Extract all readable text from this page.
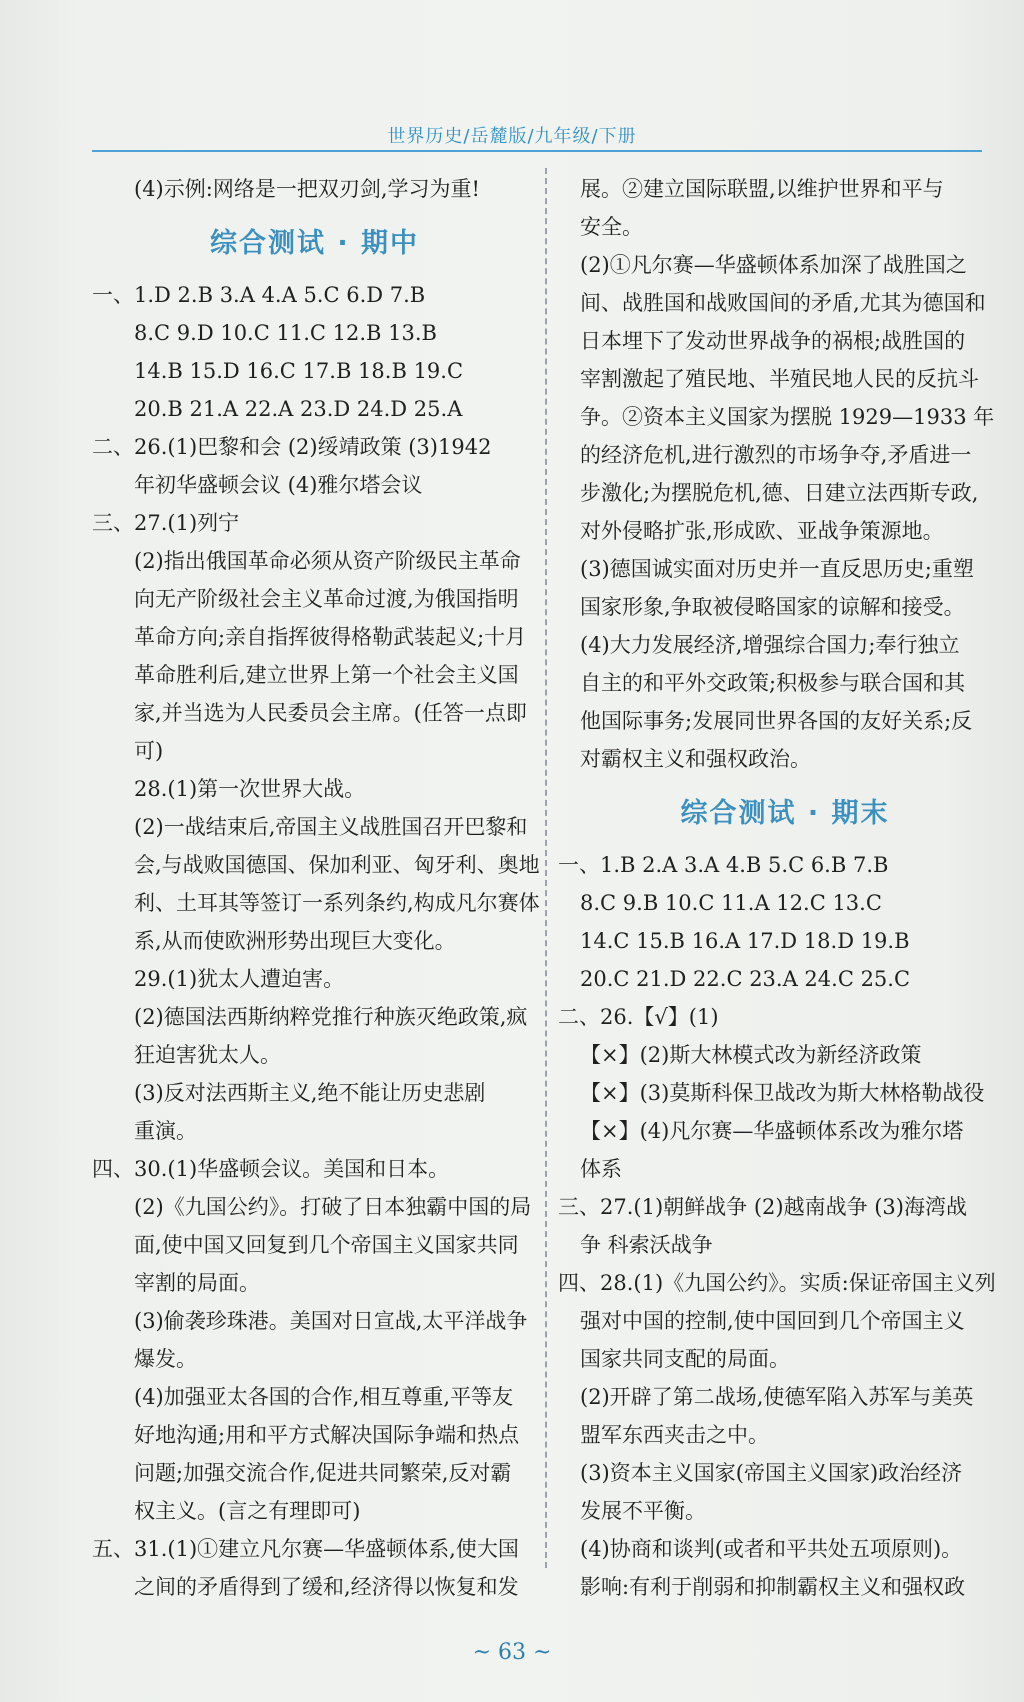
世界历史/岳麓版/九年级/下册
(4)示例:网络是一把双刃剑,学习为重!
综合测试 · 期中
一、1.D 2.B 3.A 4.A 5.C 6.D 7.B
8.C 9.D 10.C 11.C 12.B 13.B
14.B 15.D 16.C 17.B 18.B 19.C
20.B 21.A 22.A 23.D 24.D 25.A
二、26.(1)巴黎和会 (2)绥靖政策 (3)1942
年初华盛顿会议 (4)雅尔塔会议
三、27.(1)列宁
(2)指出俄国革命必须从资产阶级民主革命
向无产阶级社会主义革命过渡,为俄国指明
革命方向;亲自指挥彼得格勒武装起义;十月
革命胜利后,建立世界上第一个社会主义国
家,并当选为人民委员会主席。(任答一点即
可)
28.(1)第一次世界大战。
(2)一战结束后,帝国主义战胜国召开巴黎和
会,与战败国德国、保加利亚、匈牙利、奥地
利、土耳其等签订一系列条约,构成凡尔赛体
系,从而使欧洲形势出现巨大变化。
29.(1)犹太人遭迫害。
(2)德国法西斯纳粹党推行种族灭绝政策,疯
狂迫害犹太人。
(3)反对法西斯主义,绝不能让历史悲剧
重演。
四、30.(1)华盛顿会议。美国和日本。
(2)《九国公约》。打破了日本独霸中国的局
面,使中国又回复到几个帝国主义国家共同
宰割的局面。
(3)偷袭珍珠港。美国对日宣战,太平洋战争
爆发。
(4)加强亚太各国的合作,相互尊重,平等友
好地沟通;用和平方式解决国际争端和热点
问题;加强交流合作,促进共同繁荣,反对霸
权主义。(言之有理即可)
五、31.(1)①建立凡尔赛—华盛顿体系,使大国
之间的矛盾得到了缓和,经济得以恢复和发
展。②建立国际联盟,以维护世界和平与
安全。
(2)①凡尔赛—华盛顿体系加深了战胜国之
间、战胜国和战败国间的矛盾,尤其为德国和
日本埋下了发动世界战争的祸根;战胜国的
宰割激起了殖民地、半殖民地人民的反抗斗
争。②资本主义国家为摆脱 1929—1933 年
的经济危机,进行激烈的市场争夺,矛盾进一
步激化;为摆脱危机,德、日建立法西斯专政,
对外侵略扩张,形成欧、亚战争策源地。
(3)德国诚实面对历史并一直反思历史;重塑
国家形象,争取被侵略国家的谅解和接受。
(4)大力发展经济,增强综合国力;奉行独立
自主的和平外交政策;积极参与联合国和其
他国际事务;发展同世界各国的友好关系;反
对霸权主义和强权政治。
综合测试 · 期末
一、1.B 2.A 3.A 4.B 5.C 6.B 7.B
8.C 9.B 10.C 11.A 12.C 13.C
14.C 15.B 16.A 17.D 18.D 19.B
20.C 21.D 22.C 23.A 24.C 25.C
二、26.【√】(1)
【×】(2)斯大林模式改为新经济政策
【×】(3)莫斯科保卫战改为斯大林格勒战役
【×】(4)凡尔赛—华盛顿体系改为雅尔塔
体系
三、27.(1)朝鲜战争 (2)越南战争 (3)海湾战
争 科索沃战争
四、28.(1)《九国公约》。实质:保证帝国主义列
强对中国的控制,使中国回到几个帝国主义
国家共同支配的局面。
(2)开辟了第二战场,使德军陷入苏军与美英
盟军东西夹击之中。
(3)资本主义国家(帝国主义国家)政治经济
发展不平衡。
(4)协商和谈判(或者和平共处五项原则)。
影响:有利于削弱和抑制霸权主义和强权政
~ 63 ~
